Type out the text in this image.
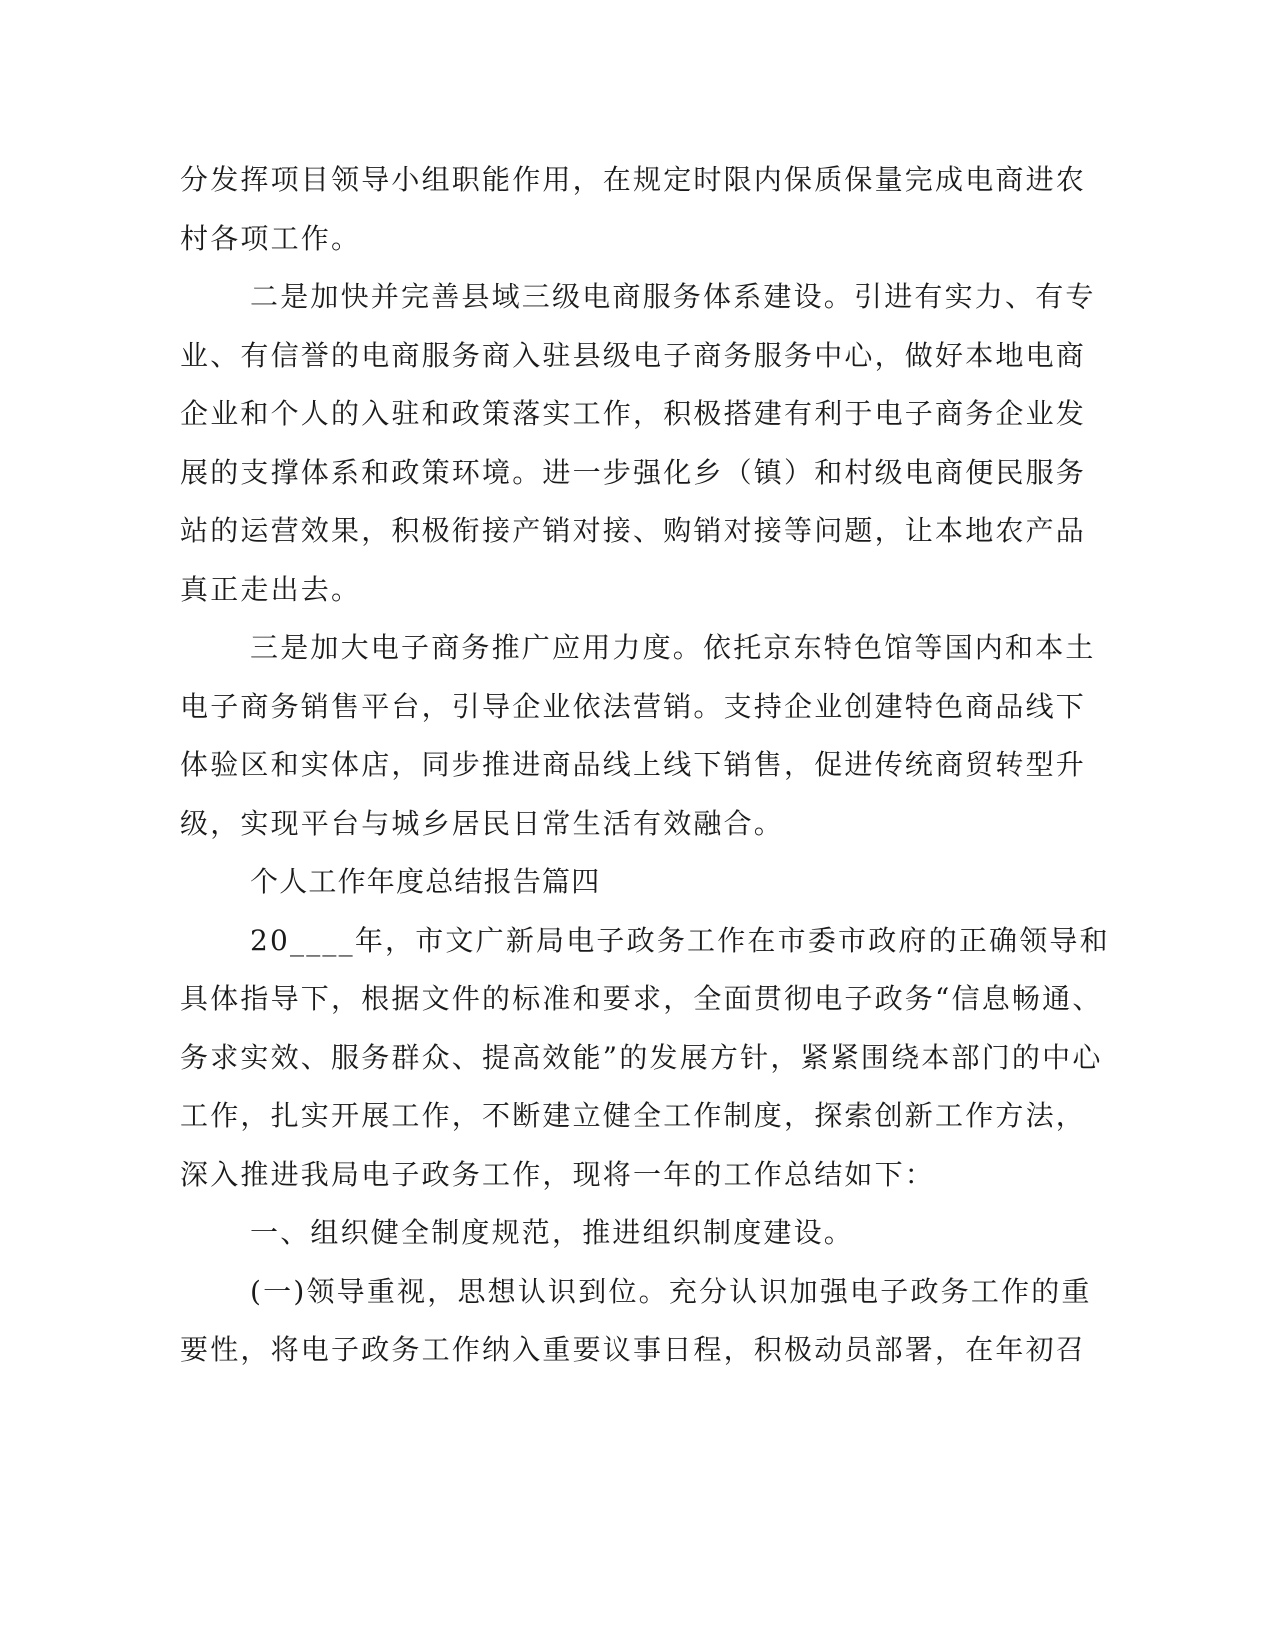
分发挥项目领导小组职能作用，在规定时限内保质保量完成电商进农
村各项工作。
二是加快并完善县域三级电商服务体系建设。引进有实力、有专
业、有信誉的电商服务商入驻县级电子商务服务中心，做好本地电商
企业和个人的入驻和政策落实工作，积极搭建有利于电子商务企业发
展的支撑体系和政策环境。进一步强化乡（镇）和村级电商便民服务
站的运营效果，积极衔接产销对接、购销对接等问题，让本地农产品
真正走出去。
三是加大电子商务推广应用力度。依托京东特色馆等国内和本土
电子商务销售平台，引导企业依法营销。支持企业创建特色商品线下
体验区和实体店，同步推进商品线上线下销售，促进传统商贸转型升
级，实现平台与城乡居民日常生活有效融合。
个人工作年度总结报告篇四
20____年，市文广新局电子政务工作在市委市政府的正确领导和
具体指导下，根据文件的标准和要求，全面贯彻电子政务“信息畅通、
务求实效、服务群众、提高效能”的发展方针，紧紧围绕本部门的中心
工作，扎实开展工作，不断建立健全工作制度，探索创新工作方法，
深入推进我局电子政务工作，现将一年的工作总结如下：
一、组织健全制度规范，推进组织制度建设。
(一)领导重视，思想认识到位。充分认识加强电子政务工作的重
要性，将电子政务工作纳入重要议事日程，积极动员部署，在年初召
